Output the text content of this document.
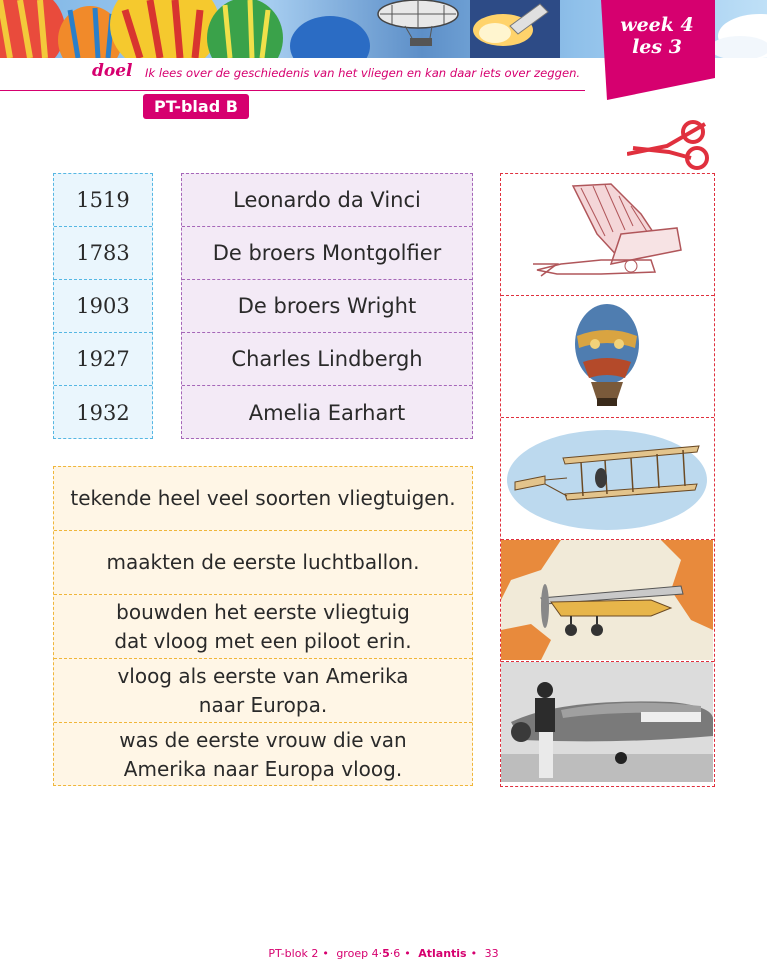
week 4
les 3
doel Ik lees over de geschiedenis van het vliegen en kan daar iets over zeggen.
PT-blad B
1519
1783
1903
1927
1932
Leonardo da Vinci
De broers Montgolfier
De broers Wright
Charles Lindbergh
Amelia Earhart
tekende heel veel soorten vliegtuigen.
maakten de eerste luchtballon.
bouwden het eerste vliegtuig
dat vloog met een piloot erin.
vloog als eerste van Amerika
naar Europa.
was de eerste vrouw die van
Amerika naar Europa vloog.
PT-blok 2 • groep 4·5·6 • Atlantis • 33
